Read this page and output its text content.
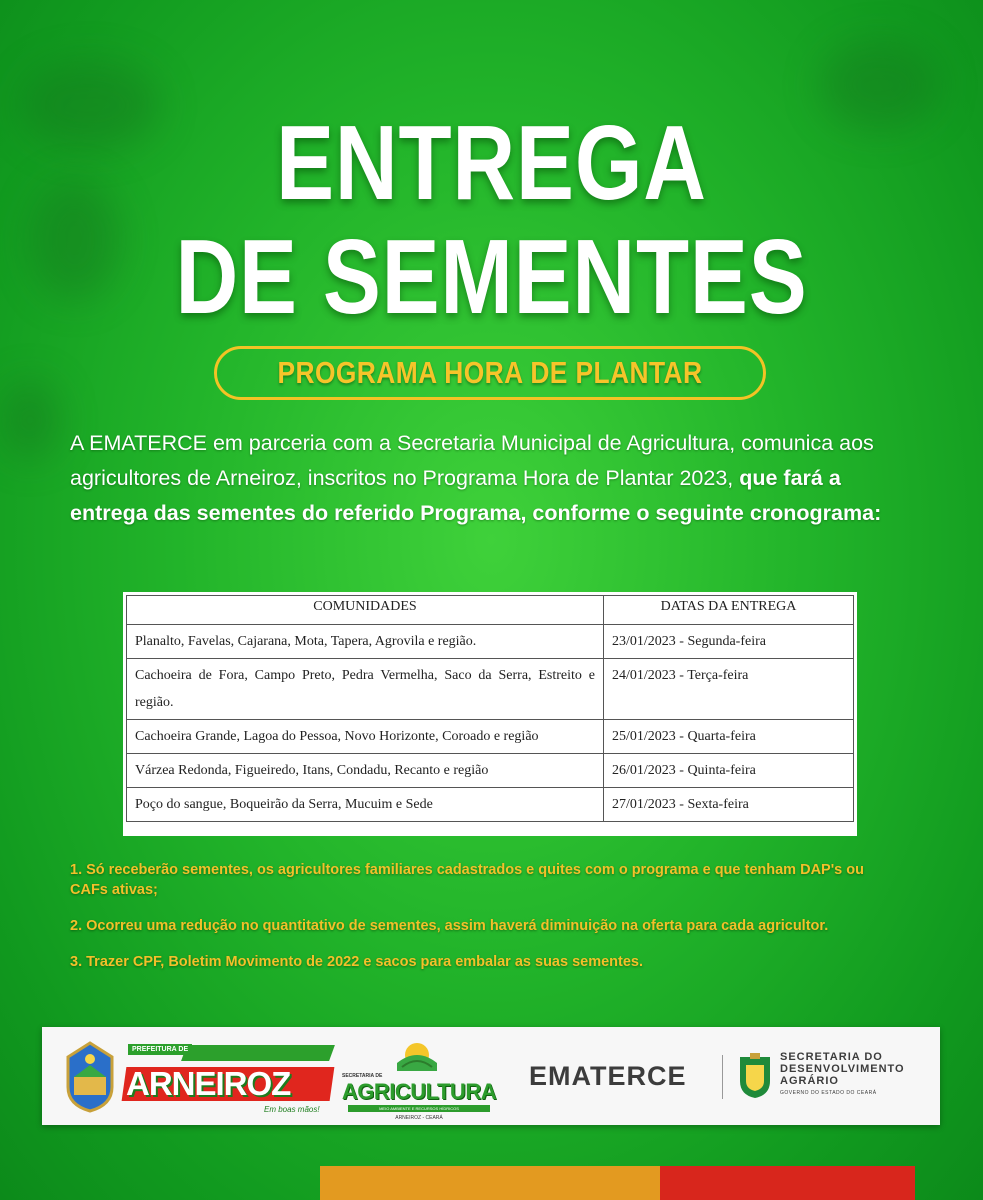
ENTREGA
DE SEMENTES
PROGRAMA HORA DE PLANTAR
A EMATERCE em parceria com a Secretaria Municipal de Agricultura, comunica aos agricultores de Arneiroz, inscritos no Programa Hora de Plantar 2023, que fará a entrega das sementes do referido Programa, conforme o seguinte cronograma:
COMUNIDADES	DATAS DA ENTREGA
Planalto, Favelas, Cajarana, Mota, Tapera, Agrovila e região.	23/01/2023 - Segunda-feira
Cachoeira de Fora, Campo Preto, Pedra Vermelha, Saco da Serra, Estreito e região.	24/01/2023 - Terça-feira
Cachoeira Grande, Lagoa do Pessoa, Novo Horizonte, Coroado e região	25/01/2023 - Quarta-feira
Várzea Redonda, Figueiredo, Itans, Condadu, Recanto e região	26/01/2023 - Quinta-feira
Poço do sangue, Boqueirão da Serra, Mucuim e Sede	27/01/2023 - Sexta-feira

1. Só receberão sementes, os agricultores familiares cadastrados e quites com o programa e que tenham DAP's ou CAFs ativas;

2. Ocorreu uma redução no quantitativo de sementes, assim haverá diminuição na oferta para cada agricultor.

3. Trazer CPF, Boletim Movimento de 2022 e sacos para embalar as suas sementes.

PREFEITURA DE
ARNEIROZ
Em boas mãos!
SECRETARIA DE
AGRICULTURA
MEIO AMBIENTE E RECURSOS HÍDRICOS
ARNEIROZ - CEARÁ
EMATERCE
SECRETARIA DO
DESENVOLVIMENTO
AGRÁRIO
GOVERNO DO ESTADO DO CEARÁ
